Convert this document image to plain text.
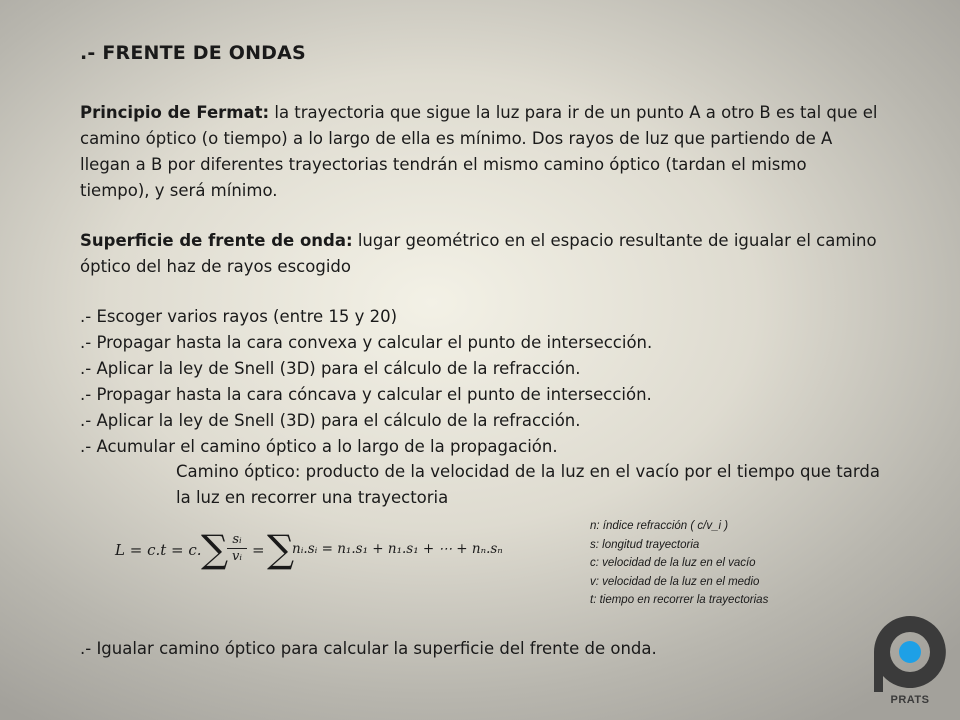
.- FRENTE DE ONDAS
Principio de Fermat: la trayectoria que sigue la luz para ir de un punto A a otro B es tal que el camino óptico (o tiempo) a lo largo de ella es mínimo. Dos rayos de luz que partiendo de A llegan a B por diferentes trayectorias tendrán el mismo camino óptico (tardan el mismo tiempo), y será mínimo.
Superficie de frente de onda: lugar geométrico en el espacio resultante de igualar el camino óptico del haz de rayos escogido
.- Escoger varios rayos (entre 15 y 20)
.- Propagar hasta la cara convexa y calcular el punto de intersección.
.- Aplicar la ley de Snell (3D) para el cálculo de la refracción.
.- Propagar hasta la cara cóncava y calcular el punto de intersección.
.- Aplicar la ley de Snell (3D) para el cálculo de la refracción.
.- Acumular el camino óptico a lo largo de la propagación.
Camino óptico: producto de la velocidad de la luz en el vacío por el tiempo que tarda la luz en recorrer una trayectoria
L = c.t = c. ∑ sᵢ
vᵢ = ∑
nᵢ.sᵢ = n₁.s₁ + n₁.s₁ + ⋯ + nₙ.sₙ
n: índice refracción ( c/v_i )
s: longitud trayectoria
c: velocidad de la luz en el vacío
v: velocidad de la luz en el medio
t: tiempo en recorrer la trayectorias
.- Igualar camino óptico para calcular la superficie del frente de onda.
PRATS
